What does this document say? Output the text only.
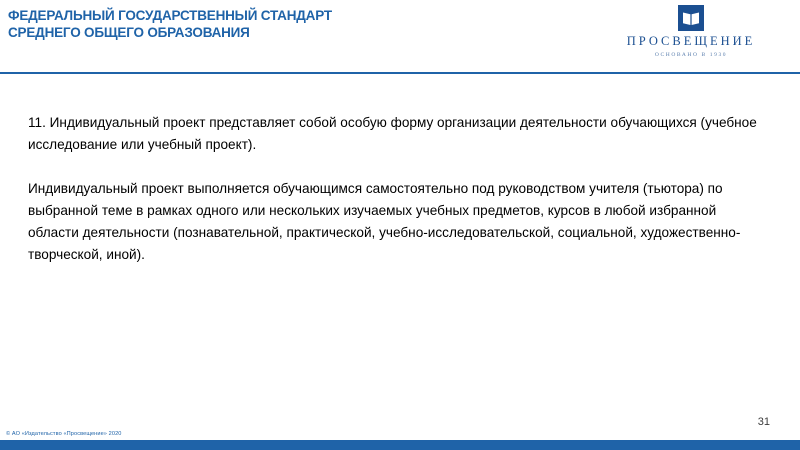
ФЕДЕРАЛЬНЫЙ ГОСУДАРСТВЕННЫЙ СТАНДАРТ
СРЕДНЕГО ОБЩЕГО ОБРАЗОВАНИЯ
ПРОСВЕЩЕНИЕ
ОСНОВАНО В 1930

11. Индивидуальный проект представляет собой особую форму организации деятельности обучающихся (учебное исследование или учебный проект).

Индивидуальный проект выполняется обучающимся самостоятельно под руководством учителя (тьютора) по выбранной теме в рамках одного или нескольких изучаемых учебных предметов, курсов в любой избранной области деятельности (познавательной, практической, учебно-исследовательской, социальной, художественно-творческой, иной).

31
© АО «Издательство «Просвещение» 2020
